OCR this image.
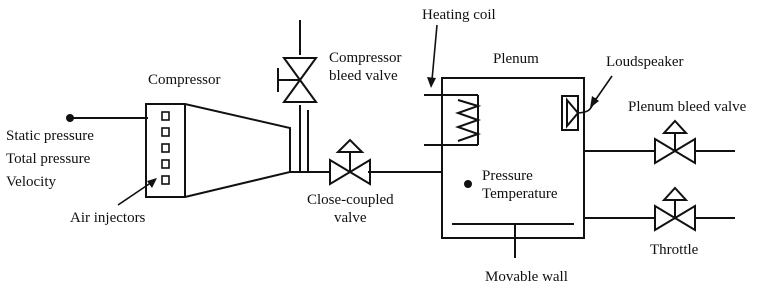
Heating coil
Plenum	Loudspeaker
Compressor
bleed valve
Compressor
Plenum bleed valve
Static pressure
Total pressure
Velocity	Pressure
Temperature
Close-coupled
valve
Air injectors
Throttle
Movable wall
